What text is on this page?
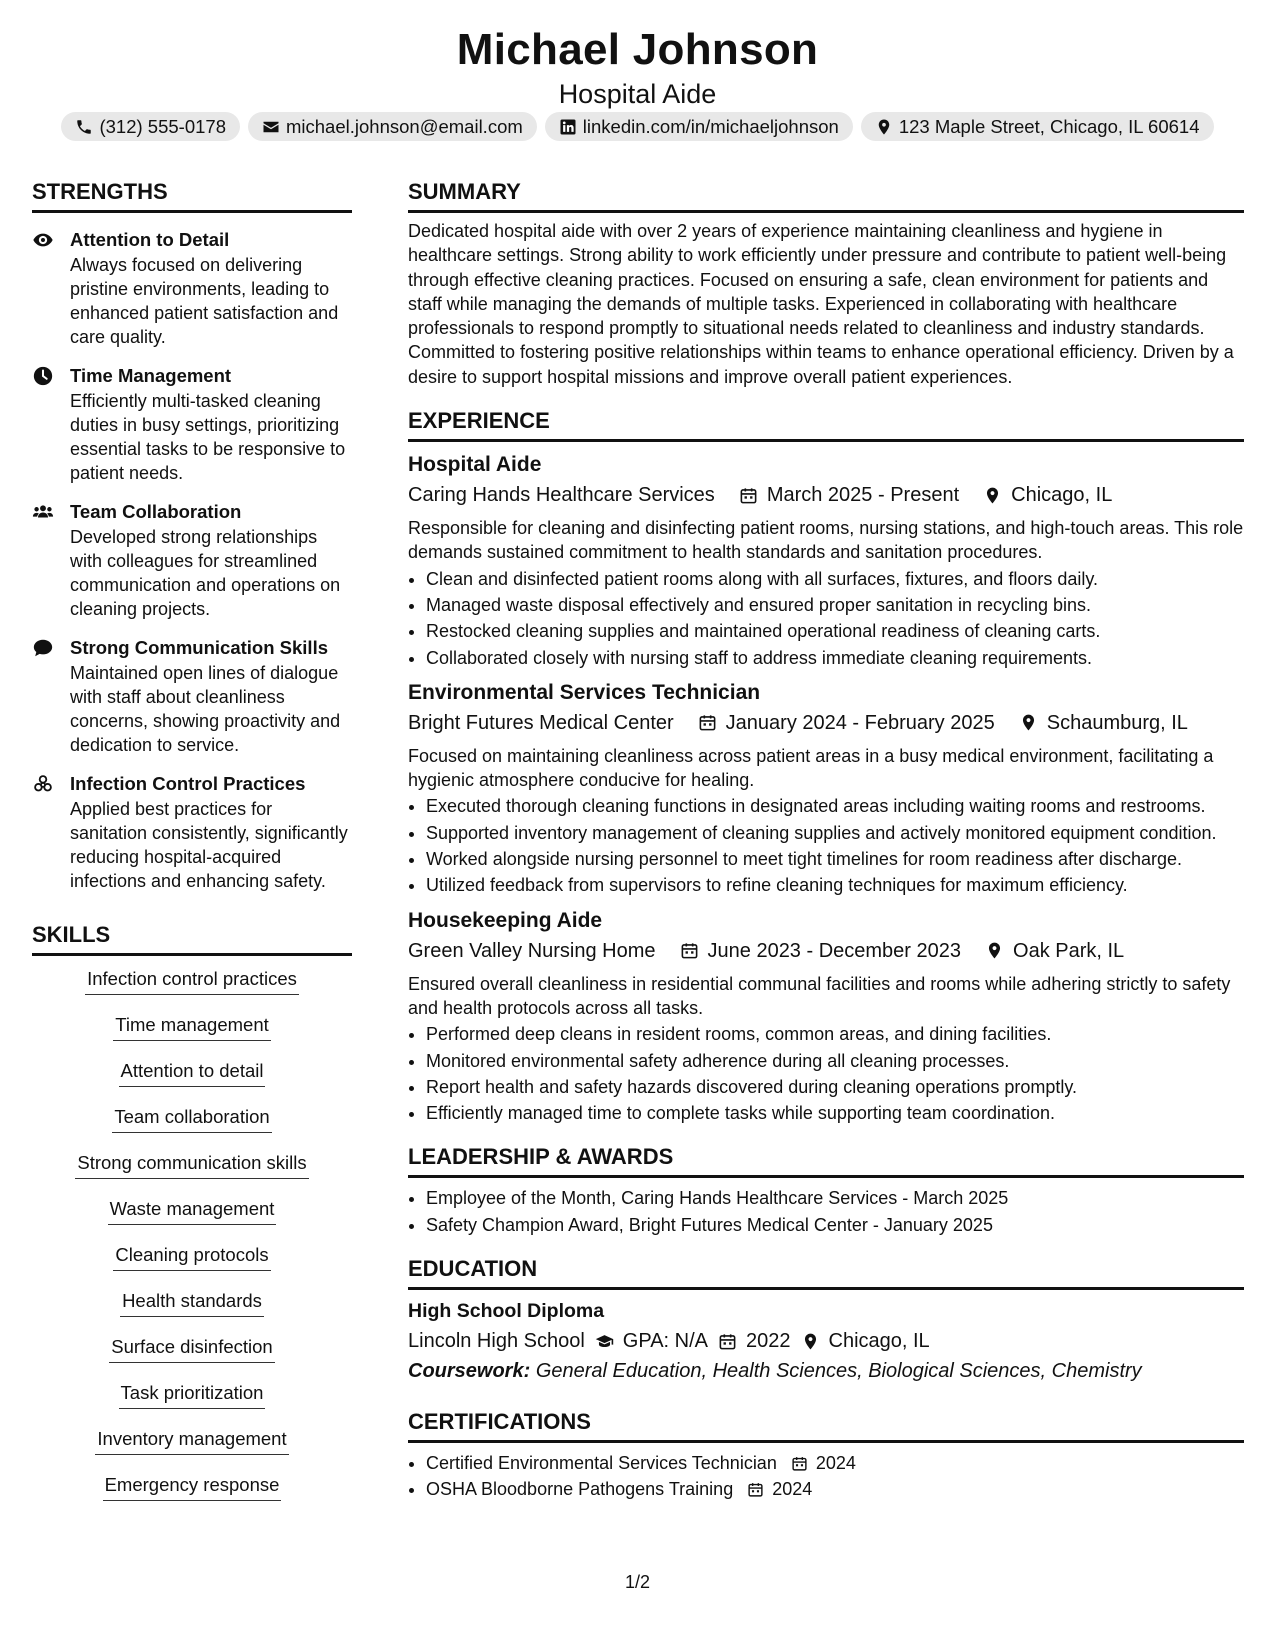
Michael Johnson
Hospital Aide
(312) 555-0178	michael.johnson@email.com	linkedin.com/in/michaeljohnson	123 Maple Street, Chicago, IL 60614
STRENGTHS
Attention to Detail
Always focused on delivering pristine environments, leading to enhanced patient satisfaction and care quality.
Time Management
Efficiently multi-tasked cleaning duties in busy settings, prioritizing essential tasks to be responsive to patient needs.
Team Collaboration
Developed strong relationships with colleagues for streamlined communication and operations on cleaning projects.
Strong Communication Skills
Maintained open lines of dialogue with staff about cleanliness concerns, showing proactivity and dedication to service.
Infection Control Practices
Applied best practices for sanitation consistently, significantly reducing hospital-acquired infections and enhancing safety.
SKILLS
Infection control practices
Time management
Attention to detail
Team collaboration
Strong communication skills
Waste management
Cleaning protocols
Health standards
Surface disinfection
Task prioritization
Inventory management
Emergency response
SUMMARY
Dedicated hospital aide with over 2 years of experience maintaining cleanliness and hygiene in healthcare settings. Strong ability to work efficiently under pressure and contribute to patient well-being through effective cleaning practices. Focused on ensuring a safe, clean environment for patients and staff while managing the demands of multiple tasks. Experienced in collaborating with healthcare professionals to respond promptly to situational needs related to cleanliness and industry standards. Committed to fostering positive relationships within teams to enhance operational efficiency. Driven by a desire to support hospital missions and improve overall patient experiences.
EXPERIENCE
Hospital Aide
Caring Hands Healthcare Services	March 2025 - Present	Chicago, IL
Responsible for cleaning and disinfecting patient rooms, nursing stations, and high-touch areas. This role demands sustained commitment to health standards and sanitation procedures.
• Clean and disinfected patient rooms along with all surfaces, fixtures, and floors daily.
• Managed waste disposal effectively and ensured proper sanitation in recycling bins.
• Restocked cleaning supplies and maintained operational readiness of cleaning carts.
• Collaborated closely with nursing staff to address immediate cleaning requirements.
Environmental Services Technician
Bright Futures Medical Center	January 2024 - February 2025	Schaumburg, IL
Focused on maintaining cleanliness across patient areas in a busy medical environment, facilitating a hygienic atmosphere conducive for healing.
• Executed thorough cleaning functions in designated areas including waiting rooms and restrooms.
• Supported inventory management of cleaning supplies and actively monitored equipment condition.
• Worked alongside nursing personnel to meet tight timelines for room readiness after discharge.
• Utilized feedback from supervisors to refine cleaning techniques for maximum efficiency.
Housekeeping Aide
Green Valley Nursing Home	June 2023 - December 2023	Oak Park, IL
Ensured overall cleanliness in residential communal facilities and rooms while adhering strictly to safety and health protocols across all tasks.
• Performed deep cleans in resident rooms, common areas, and dining facilities.
• Monitored environmental safety adherence during all cleaning processes.
• Report health and safety hazards discovered during cleaning operations promptly.
• Efficiently managed time to complete tasks while supporting team coordination.
LEADERSHIP & AWARDS
• Employee of the Month, Caring Hands Healthcare Services - March 2025
• Safety Champion Award, Bright Futures Medical Center - January 2025
EDUCATION
High School Diploma
Lincoln High School GPA: N/A 2022 Chicago, IL
Coursework: General Education, Health Sciences, Biological Sciences, Chemistry
CERTIFICATIONS
• Certified Environmental Services Technician 2024
• OSHA Bloodborne Pathogens Training 2024
1/2
